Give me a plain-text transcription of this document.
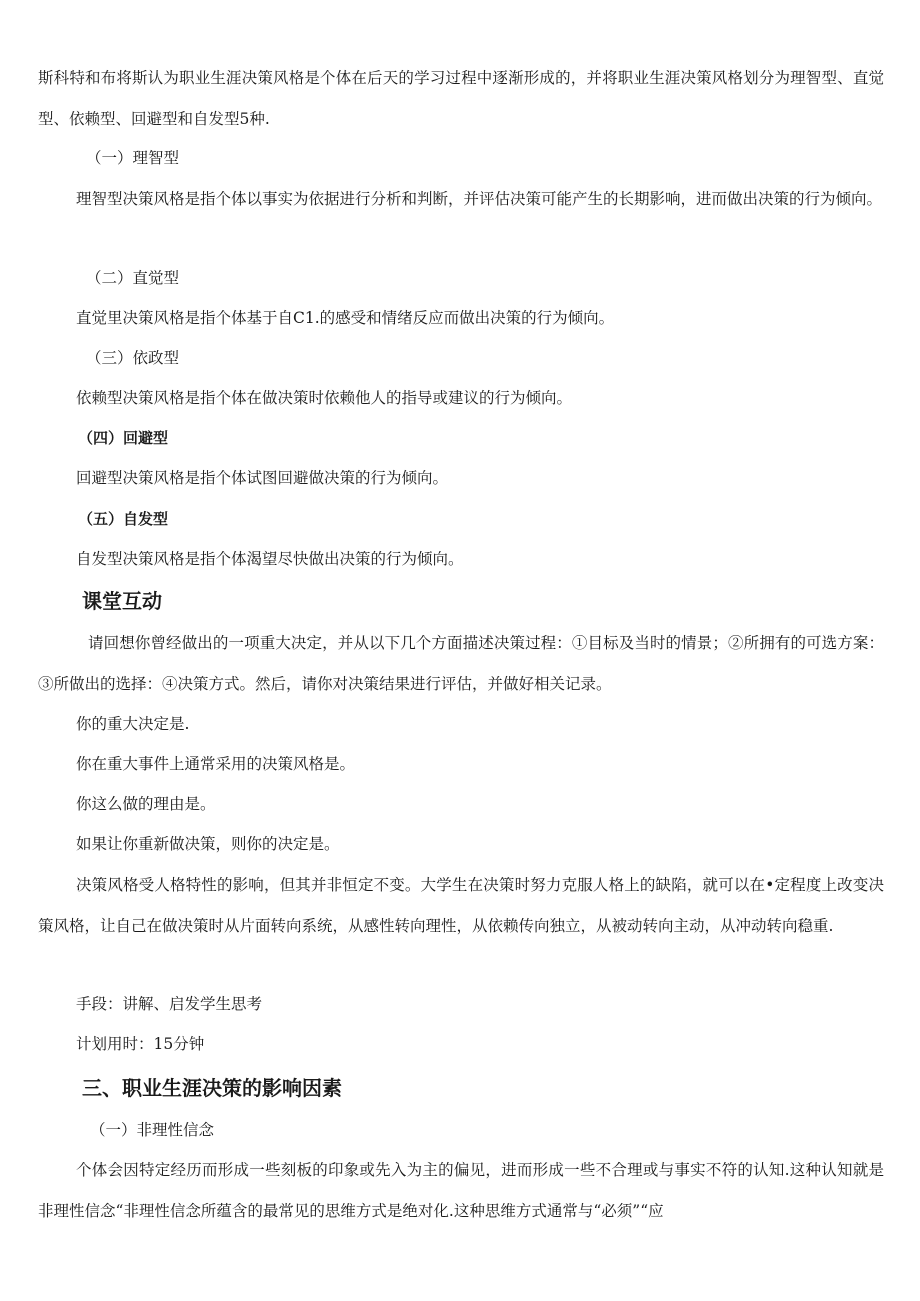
斯科特和布将斯认为职业生涯决策风格是个体在后天的学习过程中逐渐形成的，并将职业生涯决策风格划分为理智型、直觉型、依赖型、回避型和自发型5种.

（一）理智型

理智型决策风格是指个体以事实为依据进行分析和判断，并评估决策可能产生的长期影响，进而做出决策的行为倾向。

（二）直觉型

直觉里决策风格是指个体基于自C1.的感受和情绪反应而做出决策的行为倾向。

（三）依政型

依赖型决策风格是指个体在做决策时依赖他人的指导或建议的行为倾向。

（四）回避型

回避型决策风格是指个体试图回避做决策的行为倾向。

（五）自发型

自发型决策风格是指个体渴望尽快做出决策的行为倾向。

课堂互动

请回想你曾经做出的一项重大决定，并从以下几个方面描述决策过程：①目标及当时的情景；②所拥有的可选方案：③所做出的选择：④决策方式。然后，请你对决策结果进行评估，并做好相关记录。

你的重大决定是.

你在重大事件上通常采用的决策风格是。

你这么做的理由是。

如果让你重新做决策，则你的决定是。

决策风格受人格特性的影响，但其并非恒定不变。大学生在决策时努力克服人格上的缺陷，就可以在•定程度上改变决策风格，让自己在做决策时从片面转向系统，从感性转向理性，从依赖传向独立，从被动转向主动，从冲动转向稳重.

手段：讲解、启发学生思考

计划用时：15分钟

三、职业生涯决策的影响因素
（一）非理性信念

个体会因特定经历而形成一些刻板的印象或先入为主的偏见，进而形成一些不合理或与事实不符的认知.这种认知就是非理性信念“非理性信念所蕴含的最常见的思维方式是绝对化.这种思维方式通常与“必须”“应
